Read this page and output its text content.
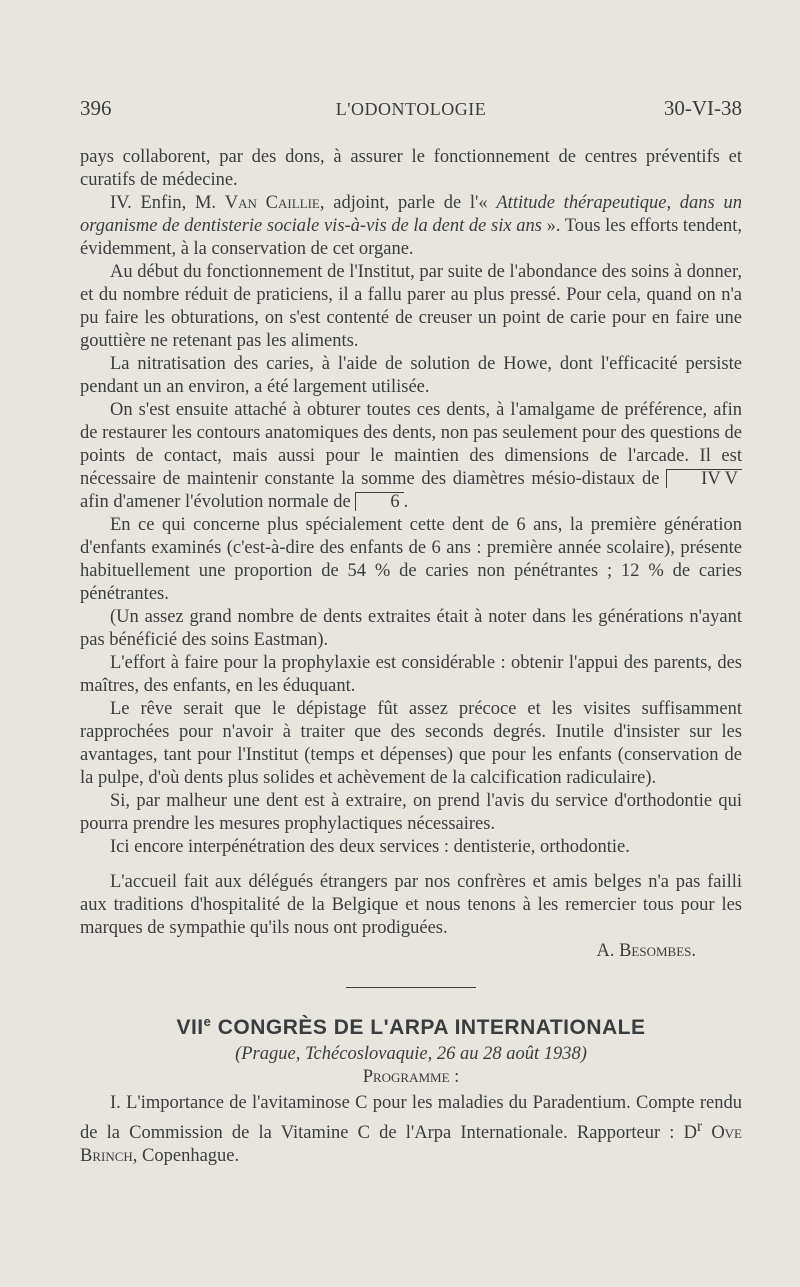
396	L'ODONTOLOGIE	30-VI-38

pays collaborent, par des dons, à assurer le fonctionnement de centres préventifs et curatifs de médecine.

IV. Enfin, M. Van Caillie, adjoint, parle de l'« Attitude thérapeutique, dans un organisme de dentisterie sociale vis-à-vis de la dent de six ans ». Tous les efforts tendent, évidemment, à la conservation de cet organe.

Au début du fonctionnement de l'Institut, par suite de l'abondance des soins à donner, et du nombre réduit de praticiens, il a fallu parer au plus pressé. Pour cela, quand on n'a pu faire les obturations, on s'est contenté de creuser un point de carie pour en faire une gouttière ne retenant pas les aliments.

La nitratisation des caries, à l'aide de solution de Howe, dont l'efficacité persiste pendant un an environ, a été largement utilisée.

On s'est ensuite attaché à obturer toutes ces dents, à l'amalgame de préférence, afin de restaurer les contours anatomiques des dents, non pas seulement pour des questions de points de contact, mais aussi pour le maintien des dimensions de l'arcade. Il est nécessaire de maintenir constante la somme des diamètres mésio-distaux de IV V afin d'amener l'évolution normale de 6 .

En ce qui concerne plus spécialement cette dent de 6 ans, la première génération d'enfants examinés (c'est-à-dire des enfants de 6 ans : première année scolaire), présente habituellement une proportion de 54 % de caries non pénétrantes ; 12 % de caries pénétrantes.

(Un assez grand nombre de dents extraites était à noter dans les générations n'ayant pas bénéficié des soins Eastman).

L'effort à faire pour la prophylaxie est considérable : obtenir l'appui des parents, des maîtres, des enfants, en les éduquant.

Le rêve serait que le dépistage fût assez précoce et les visites suffisamment rapprochées pour n'avoir à traiter que des seconds degrés. Inutile d'insister sur les avantages, tant pour l'Institut (temps et dépenses) que pour les enfants (conservation de la pulpe, d'où dents plus solides et achèvement de la calcification radiculaire).

Si, par malheur une dent est à extraire, on prend l'avis du service d'orthodontie qui pourra prendre les mesures prophylactiques nécessaires.

Ici encore interpénétration des deux services : dentisterie, orthodontie.

L'accueil fait aux délégués étrangers par nos confrères et amis belges n'a pas failli aux traditions d'hospitalité de la Belgique et nous tenons à les remercier tous pour les marques de sympathie qu'ils nous ont prodiguées.

A. Besombes.
VIIe CONGRÈS DE L'ARPA INTERNATIONALE
(Prague, Tchécoslovaquie, 26 au 28 août 1938)
Programme :

I. L'importance de l'avitaminose C pour les maladies du Paradentium. Compte rendu de la Commission de la Vitamine C de l'Arpa Internationale. Rapporteur : $D^r$ Ove Brinch, Copenhague.
